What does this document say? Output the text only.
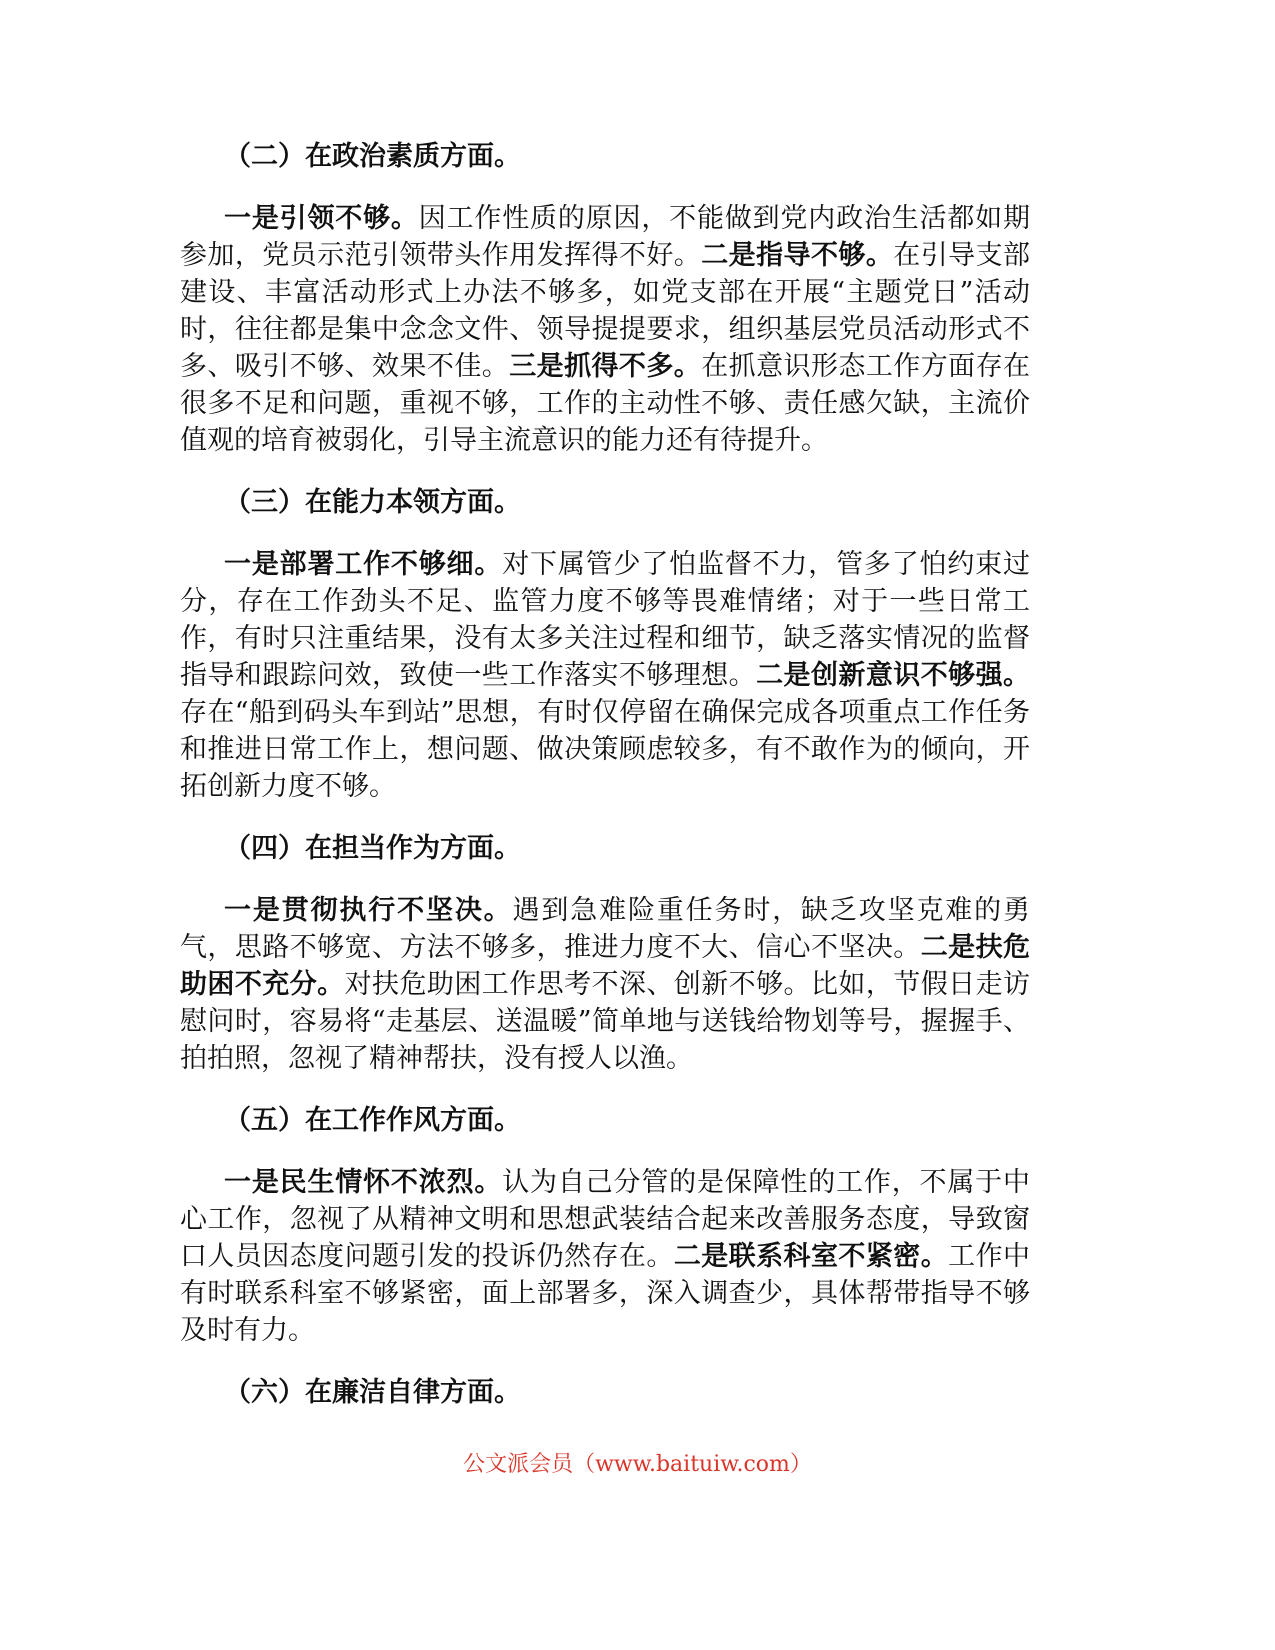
（二）在政治素质方面。
一是引领不够。因工作性质的原因，不能做到党内政治生活都如期参加，党员示范引领带头作用发挥得不好。二是指导不够。在引导支部建设、丰富活动形式上办法不够多，如党支部在开展“主题党日”活动时，往往都是集中念念文件、领导提提要求，组织基层党员活动形式不多、吸引不够、效果不佳。三是抓得不多。在抓意识形态工作方面存在很多不足和问题，重视不够，工作的主动性不够、责任感欠缺，主流价值观的培育被弱化，引导主流意识的能力还有待提升。
（三）在能力本领方面。
一是部署工作不够细。对下属管少了怕监督不力，管多了怕约束过分，存在工作劲头不足、监管力度不够等畏难情绪；对于一些日常工作，有时只注重结果，没有太多关注过程和细节，缺乏落实情况的监督指导和跟踪问效，致使一些工作落实不够理想。二是创新意识不够强。存在“船到码头车到站”思想，有时仅停留在确保完成各项重点工作任务和推进日常工作上，想问题、做决策顾虑较多，有不敢作为的倾向，开拓创新力度不够。
（四）在担当作为方面。
一是贯彻执行不坚决。遇到急难险重任务时，缺乏攻坚克难的勇气，思路不够宽、方法不够多，推进力度不大、信心不坚决。二是扶危助困不充分。对扶危助困工作思考不深、创新不够。比如，节假日走访慰问时，容易将“走基层、送温暖”简单地与送钱给物划等号，握握手、拍拍照，忽视了精神帮扶，没有授人以渔。
（五）在工作作风方面。
一是民生情怀不浓烈。认为自己分管的是保障性的工作，不属于中心工作，忽视了从精神文明和思想武装结合起来改善服务态度，导致窗口人员因态度问题引发的投诉仍然存在。二是联系科室不紧密。工作中有时联系科室不够紧密，面上部署多，深入调查少，具体帮带指导不够及时有力。
（六）在廉洁自律方面。
公文派会员（www.baituiw.com）
